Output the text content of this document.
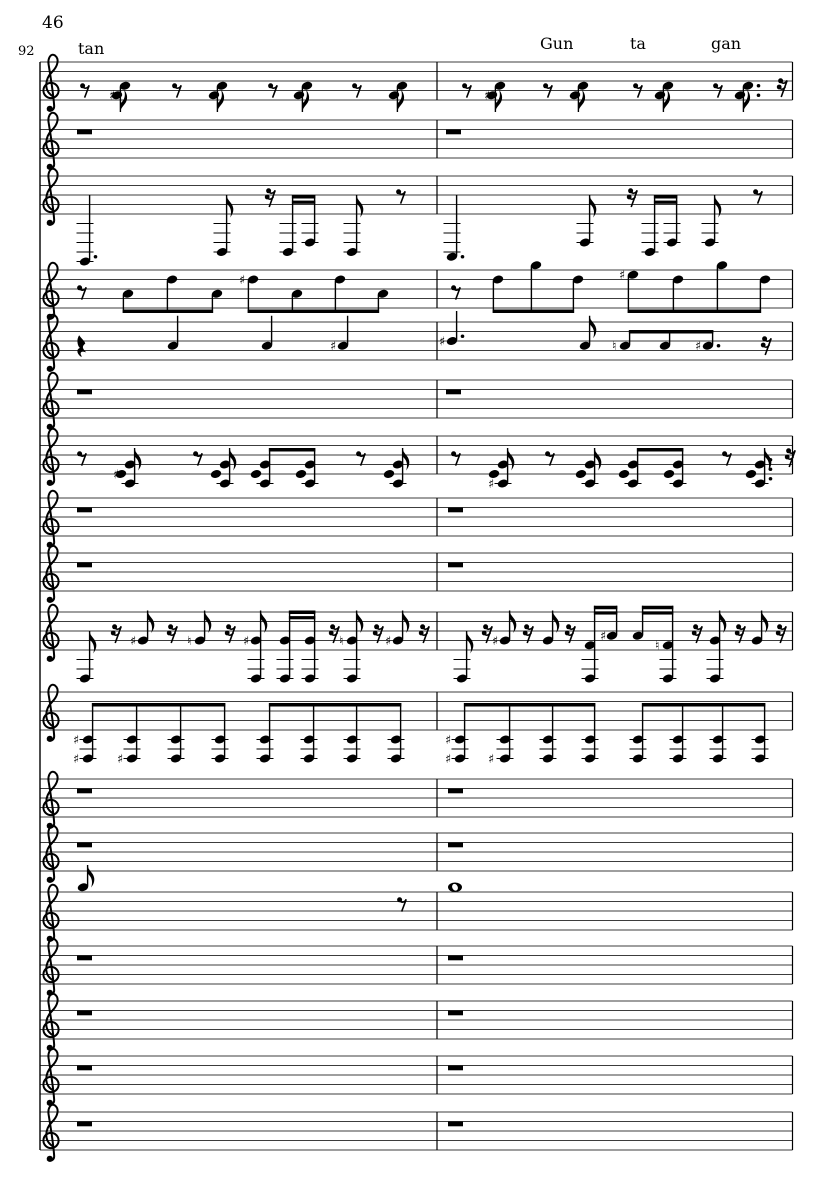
46
92	tan	Gun	ta	gan
♯	♯
♯	♯
♯	♯	♮	♯
♯
♯
♯	♮	♯	♮	♯	♯	♯
♮
♯
♯	♯
♯
♯	♯
